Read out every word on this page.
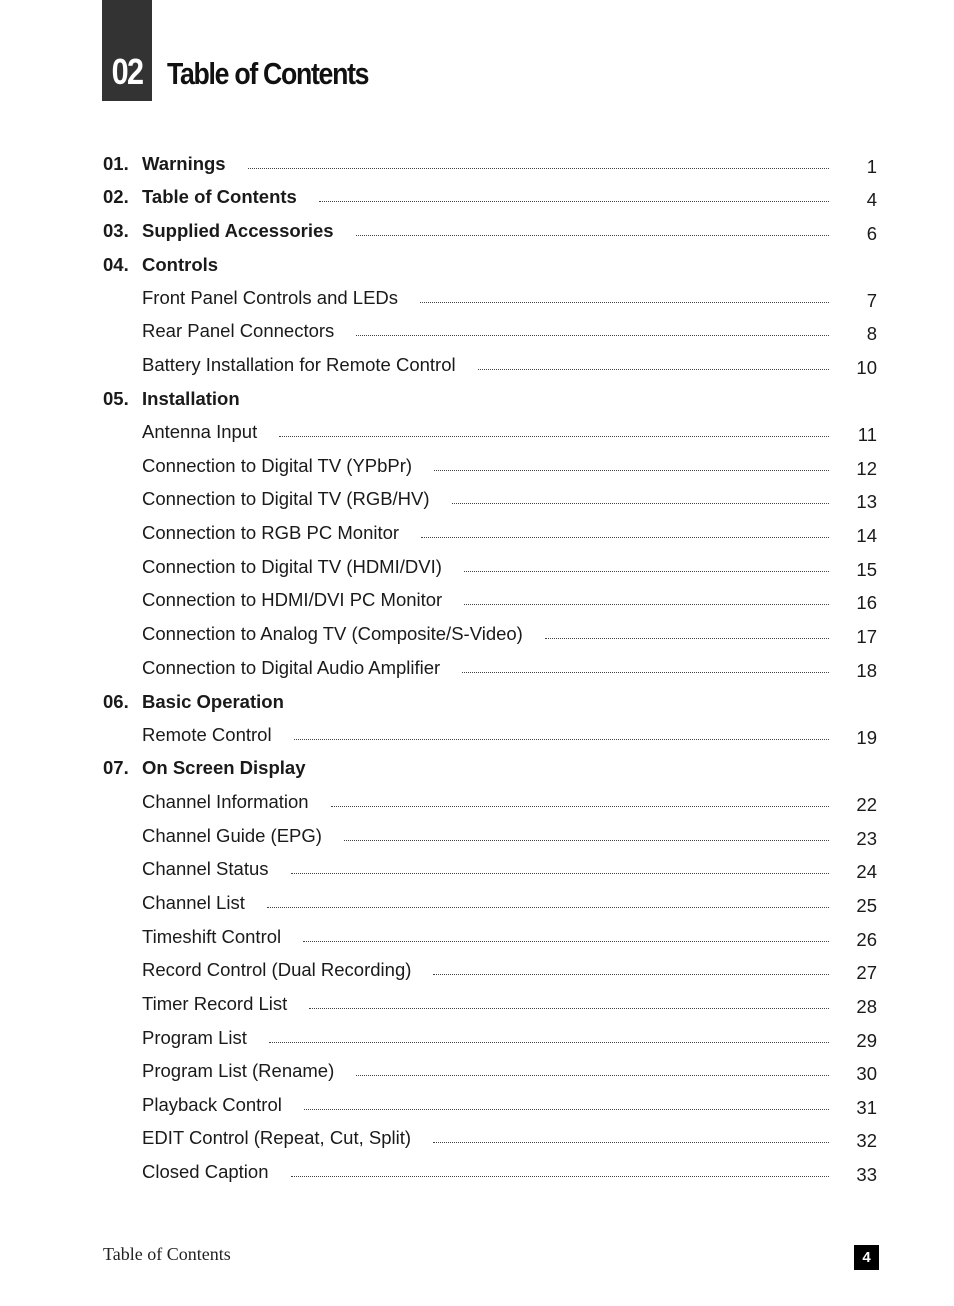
02 Table of Contents
01. Warnings	1
02. Table of Contents	4
03. Supplied Accessories	6
04. Controls
Front Panel Controls and LEDs	7
Rear Panel Connectors	8
Battery Installation for Remote Control	10
05. Installation
Antenna Input	11
Connection to Digital TV (YPbPr)	12
Connection to Digital TV (RGB/HV)	13
Connection to RGB PC Monitor	14
Connection to Digital TV (HDMI/DVI)	15
Connection to HDMI/DVI PC Monitor	16
Connection to Analog TV (Composite/S-Video)	17
Connection to Digital Audio Amplifier	18
06. Basic Operation
Remote Control	19
07. On Screen Display
Channel Information	22
Channel Guide (EPG)	23
Channel Status	24
Channel List	25
Timeshift Control	26
Record Control (Dual Recording)	27
Timer Record List	28
Program List	29
Program List (Rename)	30
Playback Control	31
EDIT Control (Repeat, Cut, Split)	32
Closed Caption	33
Table of Contents	4
